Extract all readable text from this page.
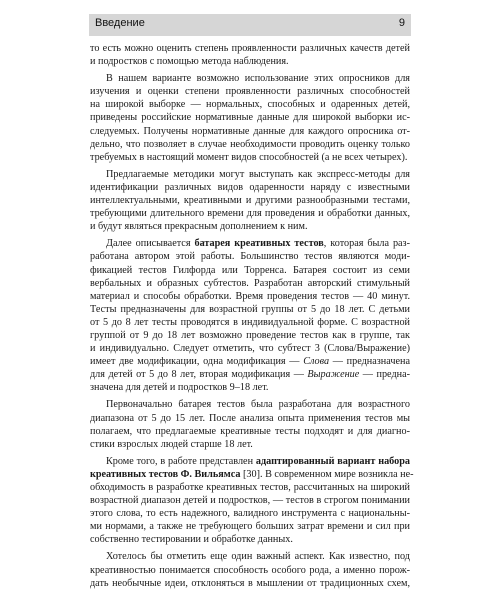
Введение	9

то есть можно оценить степень проявленности различных качеств детей
и подростков с помощью метода наблюдения.

В нашем варианте возможно использование этих опросников для
изучения и оценки степени проявленности различных способностей
на широкой выборке — нормальных, способных и одаренных детей,
приведены российские нормативные данные для широкой выборки ис-
следуемых. Получены нормативные данные для каждого опросника от-
дельно, что позволяет в случае необходимости проводить оценку только
требуемых в настоящий момент видов способностей (а не всех четырех).

Предлагаемые методики могут выступать как экспресс-методы для
идентификации различных видов одаренности наряду с известными
интеллектуальными, креативными и другими разнообразными тестами,
требующими длительного времени для проведения и обработки данных,
и будут являться прекрасным дополнением к ним.

Далее описывается батарея креативных тестов, которая была раз-
работана автором этой работы. Большинство тестов являются моди-
фикацией тестов Гилфорда или Торренса. Батарея состоит из семи
вербальных и образных субтестов. Разработан авторский стимульный
материал и способы обработки. Время проведения тестов — 40 минут.
Тесты предназначены для возрастной группы от 5 до 18 лет. С детьми
от 5 до 8 лет тесты проводятся в индивидуальной форме. С возрастной
группой от 9 до 18 лет возможно проведение тестов как в группе, так
и индивидуально. Следует отметить, что субтест 3 (Слова/Выражение)
имеет две модификации, одна модификация — Слова — предназначена
для детей от 5 до 8 лет, вторая модификация — Выражение — предна-
значена для детей и подростков 9–18 лет.

Первоначально батарея тестов была разработана для возрастного
диапазона от 5 до 15 лет. После анализа опыта применения тестов мы
полагаем, что предлагаемые креативные тесты подходят и для диагно-
стики взрослых людей старше 18 лет.

Кроме того, в работе представлен адаптированный вариант набора
креативных тестов Ф. Вильямса [30]. В современном мире возникла не-
обходимость в разработке креативных тестов, рассчитанных на широкий
возрастной диапазон детей и подростков, — тестов в строгом понимании
этого слова, то есть надежного, валидного инструмента с национальны-
ми нормами, а также не требующего больших затрат времени и сил при
собственно тестировании и обработке данных.

Хотелось бы отметить еще один важный аспект. Как известно, под
креативностью понимается способность особого рода, а именно порож-
дать необычные идеи, отклоняться в мышлении от традиционных схем,
